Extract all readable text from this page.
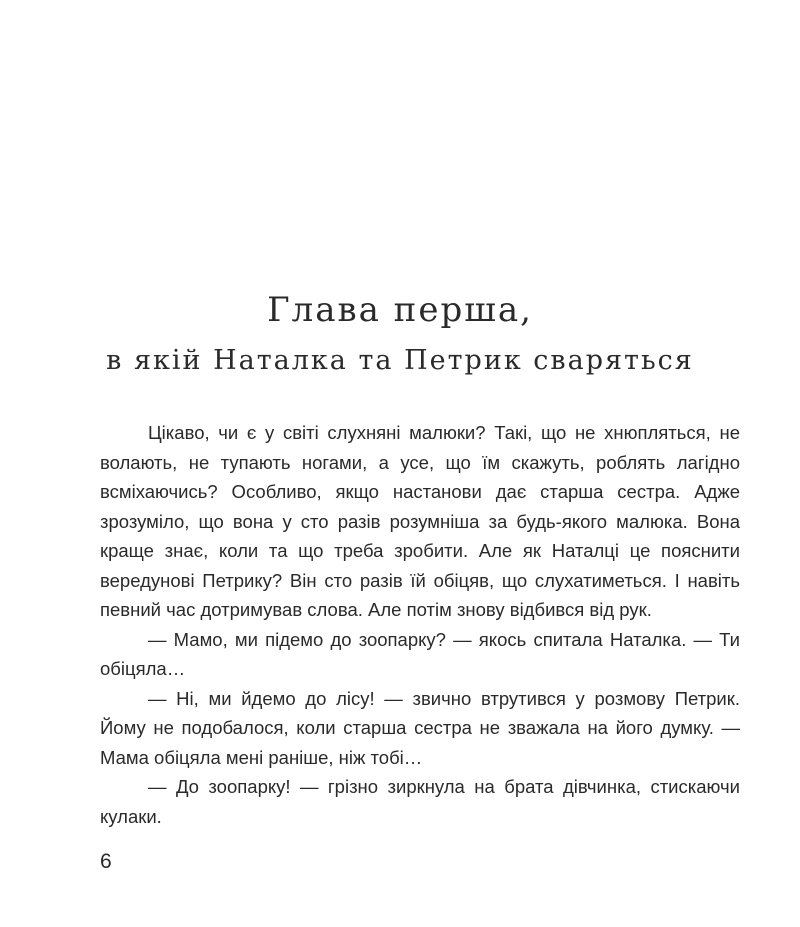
Глава перша,
в якій Наталка та Петрик сваряться

Цікаво, чи є у світі слухняні малюки? Такі, що не хнюпляться, не волають, не тупають ногами, а усе, що їм скажуть, роблять лагідно всміхаючись? Особливо, якщо настанови дає старша сестра. Адже зрозуміло, що вона у сто разів розумніша за будь-якого малюка. Вона краще знає, коли та що треба зробити. Але як Наталці це пояснити вередунові Петрику? Він сто разів їй обіцяв, що слухатиметься. І навіть певний час дотримував слова. Але потім знову відбився від рук.

— Мамо, ми підемо до зоопарку? — якось спитала Наталка. — Ти обіцяла…

— Ні, ми йдемо до лісу! — звично втрутився у розмову Петрик. Йому не подобалося, коли старша сестра не зважала на його думку. — Мама обіцяла мені раніше, ніж тобі…

— До зоопарку! — грізно зиркнула на брата дівчинка, стискаючи кулаки.

6
